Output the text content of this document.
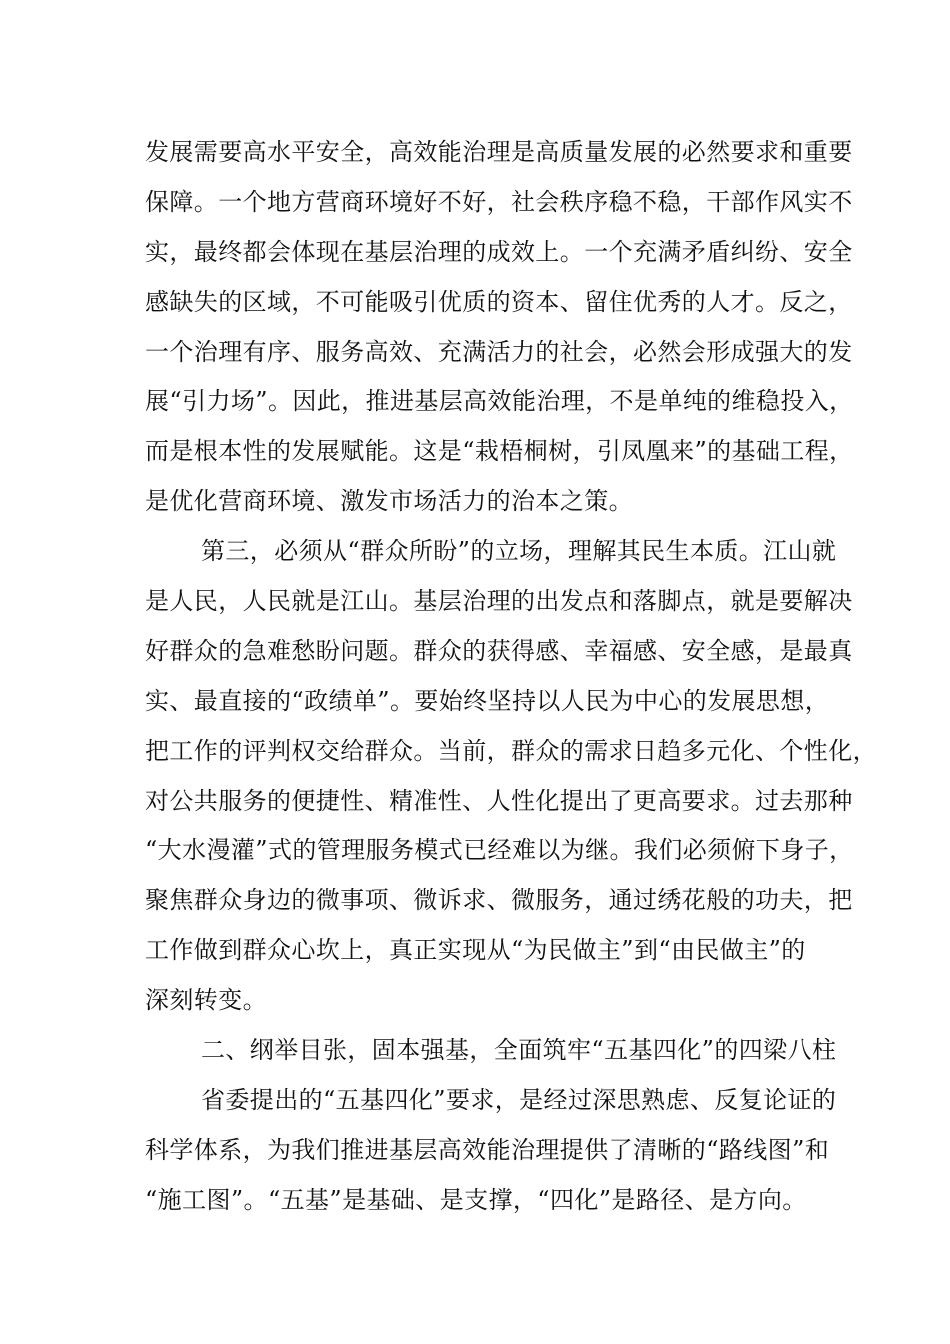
发展需要高水平安全，高效能治理是高质量发展的必然要求和重要
保障。一个地方营商环境好不好，社会秩序稳不稳，干部作风实不
实，最终都会体现在基层治理的成效上。一个充满矛盾纠纷、安全
感缺失的区域，不可能吸引优质的资本、留住优秀的人才。反之，
一个治理有序、服务高效、充满活力的社会，必然会形成强大的发
展“引力场”。因此，推进基层高效能治理，不是单纯的维稳投入，
而是根本性的发展赋能。这是“栽梧桐树，引凤凰来”的基础工程，
是优化营商环境、激发市场活力的治本之策。
第三，必须从“群众所盼”的立场，理解其民生本质。江山就
是人民，人民就是江山。基层治理的出发点和落脚点，就是要解决
好群众的急难愁盼问题。群众的获得感、幸福感、安全感，是最真
实、最直接的“政绩单”。要始终坚持以人民为中心的发展思想，
把工作的评判权交给群众。当前，群众的需求日趋多元化、个性化，
对公共服务的便捷性、精准性、人性化提出了更高要求。过去那种
“大水漫灌”式的管理服务模式已经难以为继。我们必须俯下身子，
聚焦群众身边的微事项、微诉求、微服务，通过绣花般的功夫，把
工作做到群众心坎上，真正实现从“为民做主”到“由民做主”的
深刻转变。
二、纲举目张，固本强基，全面筑牢“五基四化”的四梁八柱
省委提出的“五基四化”要求，是经过深思熟虑、反复论证的
科学体系，为我们推进基层高效能治理提供了清晰的“路线图”和
“施工图”。“五基”是基础、是支撑，“四化”是路径、是方向。
